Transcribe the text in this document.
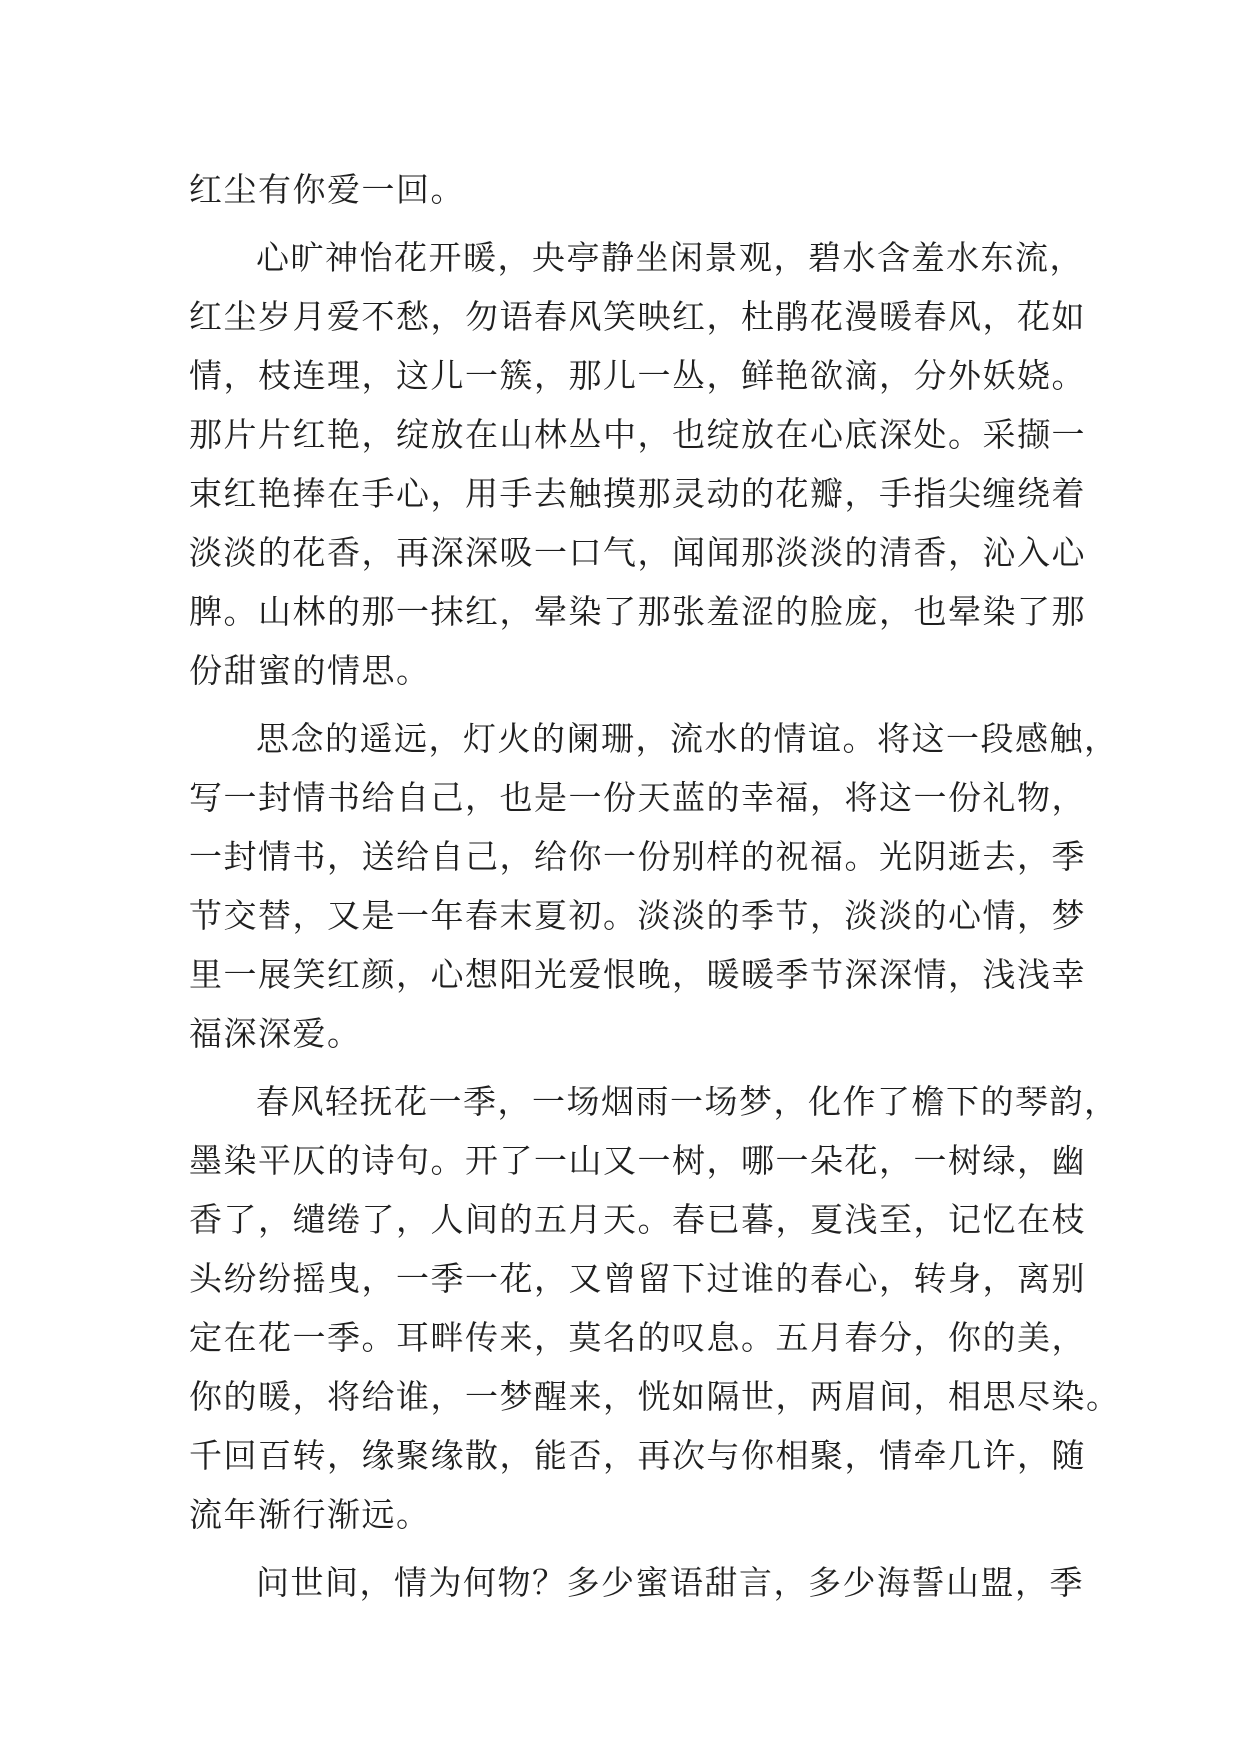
红尘有你爱一回。
心旷神怡花开暖，央亭静坐闲景观，碧水含羞水东流，
红尘岁月爱不愁，勿语春风笑映红，杜鹃花漫暖春风，花如
情，枝连理，这儿一簇，那儿一丛，鲜艳欲滴，分外妖娆。
那片片红艳，绽放在山林丛中，也绽放在心底深处。采撷一
束红艳捧在手心，用手去触摸那灵动的花瓣，手指尖缠绕着
淡淡的花香，再深深吸一口气，闻闻那淡淡的清香，沁入心
脾。山林的那一抹红，晕染了那张羞涩的脸庞，也晕染了那
份甜蜜的情思。
思念的遥远，灯火的阑珊，流水的情谊。将这一段感触，
写一封情书给自己，也是一份天蓝的幸福，将这一份礼物，
一封情书，送给自己，给你一份别样的祝福。光阴逝去，季
节交替，又是一年春末夏初。淡淡的季节，淡淡的心情，梦
里一展笑红颜，心想阳光爱恨晚，暖暖季节深深情，浅浅幸
福深深爱。
春风轻抚花一季，一场烟雨一场梦，化作了檐下的琴韵，
墨染平仄的诗句。开了一山又一树，哪一朵花，一树绿，幽
香了，缱绻了，人间的五月天。春已暮，夏浅至，记忆在枝
头纷纷摇曳，一季一花，又曾留下过谁的春心，转身，离别
定在花一季。耳畔传来，莫名的叹息。五月春分，你的美，
你的暖，将给谁，一梦醒来，恍如隔世，两眉间，相思尽染。
千回百转，缘聚缘散，能否，再次与你相聚，情牵几许，随
流年渐行渐远。
问世间，情为何物？多少蜜语甜言，多少海誓山盟，季
